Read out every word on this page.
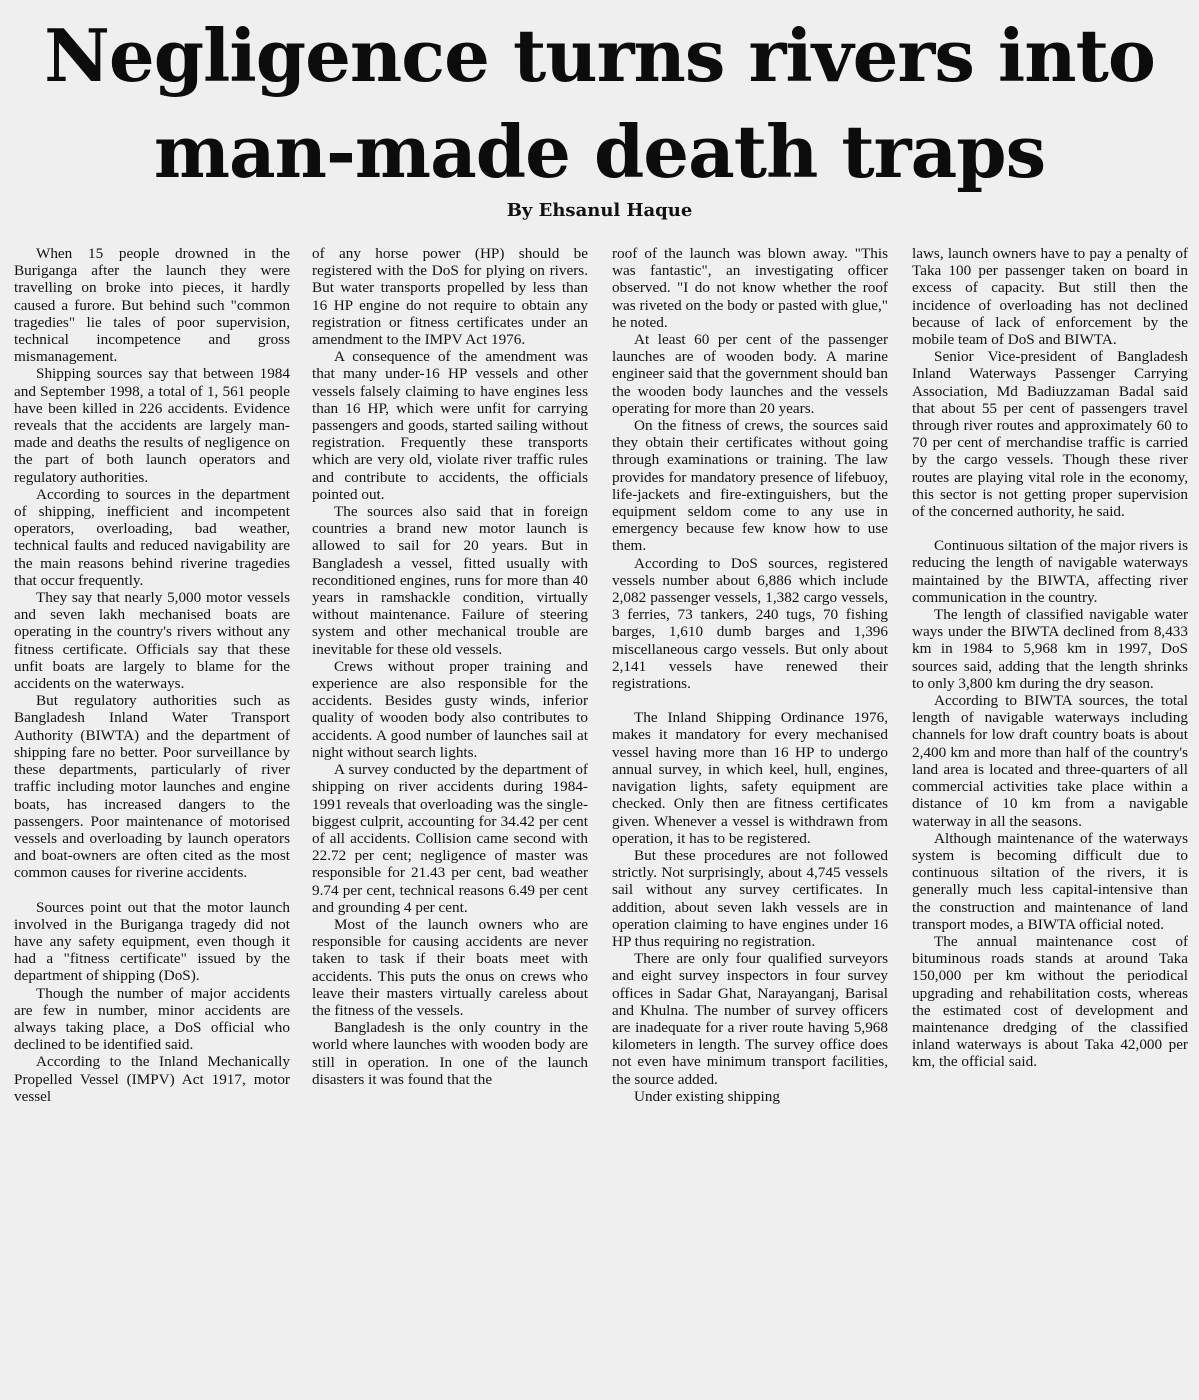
Negligence turns rivers into
man-made death traps
By Ehsanul Haque

When 15 people drowned in the Buriganga after the launch they were travelling on broke into pieces, it hardly caused a furore. But behind such "common tragedies" lie tales of poor supervision, technical incompetence and gross mismanagement.

Shipping sources say that between 1984 and September 1998, a total of 1, 561 people have been killed in 226 accidents. Evidence reveals that the accidents are largely man-made and deaths the results of negligence on the part of both launch operators and regulatory authorities.

According to sources in the department of shipping, inefficient and incompetent operators, overloading, bad weather, technical faults and reduced navigability are the main reasons behind riverine tragedies that occur frequently.

They say that nearly 5,000 motor vessels and seven lakh mechanised boats are operating in the country's rivers without any fitness certificate. Officials say that these unfit boats are largely to blame for the accidents on the waterways.

But regulatory authorities such as Bangladesh Inland Water Transport Authority (BIWTA) and the department of shipping fare no better. Poor surveillance by these departments, particularly of river traffic including motor launches and engine boats, has increased dangers to the passengers. Poor maintenance of motorised vessels and overloading by launch operators and boat-owners are often cited as the most common causes for riverine accidents.

Sources point out that the motor launch involved in the Buriganga tragedy did not have any safety equipment, even though it had a "fitness certificate" issued by the department of shipping (DoS).

Though the number of major accidents are few in number, minor accidents are always taking place, a DoS official who declined to be identified said.

According to the Inland Mechanically Propelled Vessel (IMPV) Act 1917, motor vessel

of any horse power (HP) should be registered with the DoS for plying on rivers. But water transports propelled by less than 16 HP engine do not require to obtain any registration or fitness certificates under an amendment to the IMPV Act 1976.

A consequence of the amendment was that many under-16 HP vessels and other vessels falsely claiming to have engines less than 16 HP, which were unfit for carrying passengers and goods, started sailing without registration. Frequently these transports which are very old, violate river traffic rules and contribute to accidents, the officials pointed out.

The sources also said that in foreign countries a brand new motor launch is allowed to sail for 20 years. But in Bangladesh a vessel, fitted usually with reconditioned engines, runs for more than 40 years in ramshackle condition, virtually without maintenance. Failure of steering system and other mechanical trouble are inevitable for these old vessels.

Crews without proper training and experience are also responsible for the accidents. Besides gusty winds, inferior quality of wooden body also contributes to accidents. A good number of launches sail at night without search lights.

A survey conducted by the department of shipping on river accidents during 1984-1991 reveals that overloading was the single-biggest culprit, accounting for 34.42 per cent of all accidents. Collision came second with 22.72 per cent; negligence of master was responsible for 21.43 per cent, bad weather 9.74 per cent, technical reasons 6.49 per cent and grounding 4 per cent.

Most of the launch owners who are responsible for causing accidents are never taken to task if their boats meet with accidents. This puts the onus on crews who leave their masters virtually careless about the fitness of the vessels.

Bangladesh is the only country in the world where launches with wooden body are still in operation. In one of the launch disasters it was found that the

roof of the launch was blown away. "This was fantastic", an investigating officer observed. "I do not know whether the roof was riveted on the body or pasted with glue," he noted.

At least 60 per cent of the passenger launches are of wooden body. A marine engineer said that the government should ban the wooden body launches and the vessels operating for more than 20 years.

On the fitness of crews, the sources said they obtain their certificates without going through examinations or training. The law provides for mandatory presence of lifebuoy, life-jackets and fire-extinguishers, but the equipment seldom come to any use in emergency because few know how to use them.

According to DoS sources, registered vessels number about 6,886 which include 2,082 passenger vessels, 1,382 cargo vessels, 3 ferries, 73 tankers, 240 tugs, 70 fishing barges, 1,610 dumb barges and 1,396 miscellaneous cargo vessels. But only about 2,141 vessels have renewed their registrations.

The Inland Shipping Ordinance 1976, makes it mandatory for every mechanised vessel having more than 16 HP to undergo annual survey, in which keel, hull, engines, navigation lights, safety equipment are checked. Only then are fitness certificates given. Whenever a vessel is withdrawn from operation, it has to be registered.

But these procedures are not followed strictly. Not surprisingly, about 4,745 vessels sail without any survey certificates. In addition, about seven lakh vessels are in operation claiming to have engines under 16 HP thus requiring no registration.

There are only four qualified surveyors and eight survey inspectors in four survey offices in Sadar Ghat, Narayanganj, Barisal and Khulna. The number of survey officers are inadequate for a river route having 5,968 kilometers in length. The survey office does not even have minimum transport facilities, the source added.

Under existing shipping

laws, launch owners have to pay a penalty of Taka 100 per passenger taken on board in excess of capacity. But still then the incidence of overloading has not declined because of lack of enforcement by the mobile team of DoS and BIWTA.

Senior Vice-president of Bangladesh Inland Waterways Passenger Carrying Association, Md Badiuzzaman Badal said that about 55 per cent of passengers travel through river routes and approximately 60 to 70 per cent of merchandise traffic is carried by the cargo vessels. Though these river routes are playing vital role in the economy, this sector is not getting proper supervision of the concerned authority, he said.

Continuous siltation of the major rivers is reducing the length of navigable waterways maintained by the BIWTA, affecting river communication in the country.

The length of classified navigable water ways under the BIWTA declined from 8,433 km in 1984 to 5,968 km in 1997, DoS sources said, adding that the length shrinks to only 3,800 km during the dry season.

According to BIWTA sources, the total length of navigable waterways including channels for low draft country boats is about 2,400 km and more than half of the country's land area is located and three-quarters of all commercial activities take place within a distance of 10 km from a navigable waterway in all the seasons.

Although maintenance of the waterways system is becoming difficult due to continuous siltation of the rivers, it is generally much less capital-intensive than the construction and maintenance of land transport modes, a BIWTA official noted.

The annual maintenance cost of bituminous roads stands at around Taka 150,000 per km without the periodical upgrading and rehabilitation costs, whereas the estimated cost of development and maintenance dredging of the classified inland waterways is about Taka 42,000 per km, the official said.
